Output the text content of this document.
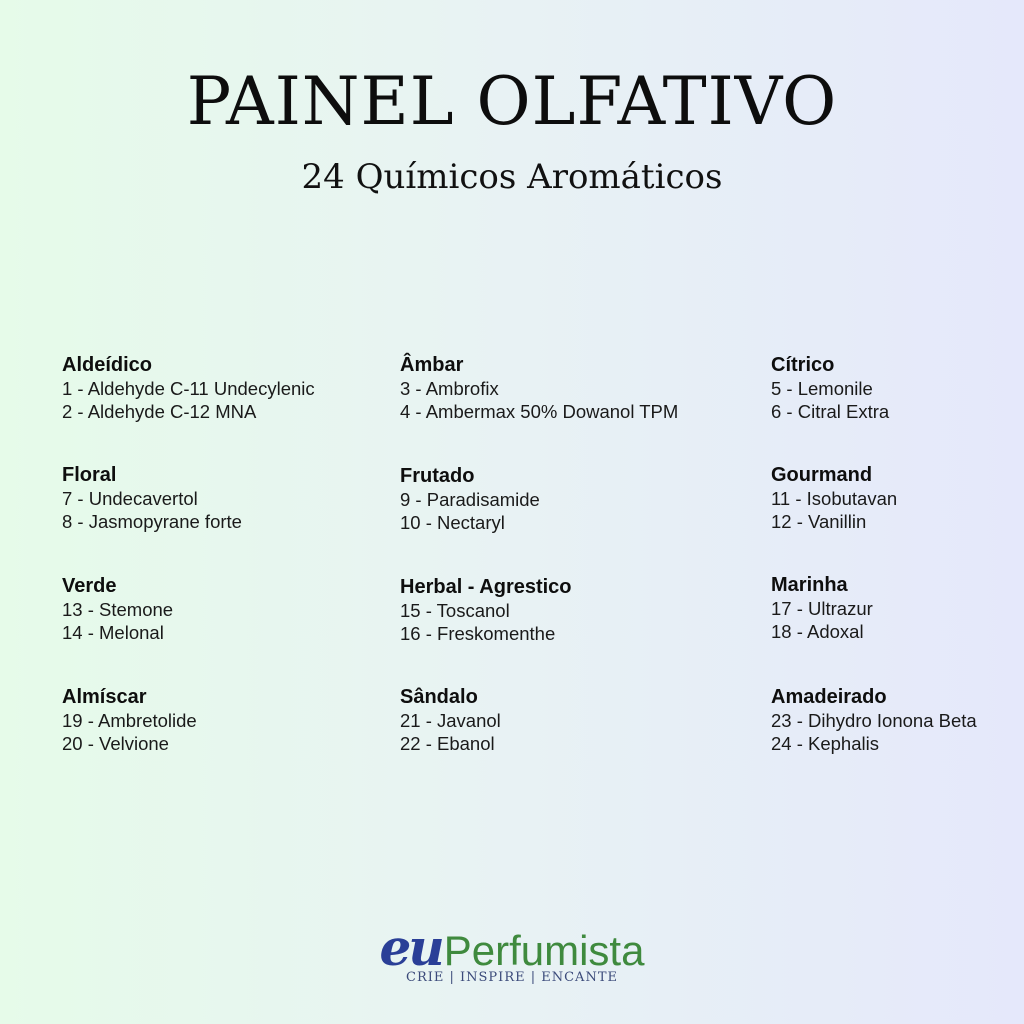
PAINEL OLFATIVO
24 Químicos Aromáticos
Aldeídico
1 - Aldehyde C-11 Undecylenic
2 - Aldehyde C-12 MNA
Âmbar
3 - Ambrofix
4 - Ambermax 50% Dowanol TPM
Cítrico
5 - Lemonile
6 - Citral Extra
Floral
7 - Undecavertol
8 - Jasmopyrane forte
Frutado
9 - Paradisamide
10 - Nectaryl
Gourmand
11 - Isobutavan
12 - Vanillin
Verde
13 - Stemone
14 - Melonal
Herbal - Agrestico
15 - Toscanol
16 - Freskomenthe
Marinha
17 - Ultrazur
18 - Adoxal
Almíscar
19 - Ambretolide
20 - Velvione
Sândalo
21 - Javanol
22 - Ebanol
Amadeirado
23 - Dihydro Ionona Beta
24 - Kephalis
euPerfumista
CRIE | INSPIRE | ENCANTE
